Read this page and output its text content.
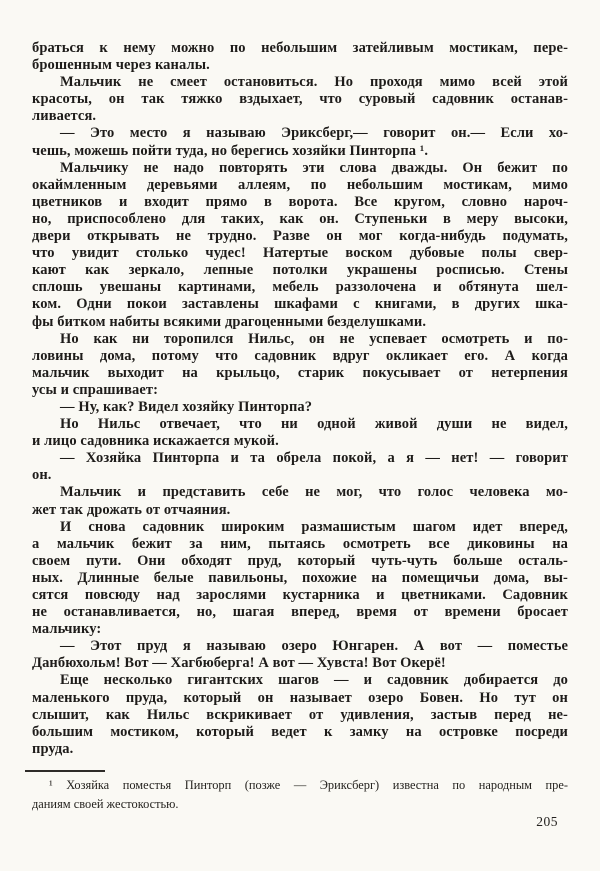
браться к нему можно по небольшим затейливым мостикам, пере-
брошенным через каналы.
Мальчик не смеет остановиться. Но проходя мимо всей этой
красоты, он так тяжко вздыхает, что суровый садовник останав-
ливается.
— Это место я называю Эриксберг,— говорит он.— Если хо-
чешь, можешь пойти туда, но берегись хозяйки Пинторпа ¹.
Мальчику не надо повторять эти слова дважды. Он бежит по
окаймленным деревьями аллеям, по небольшим мостикам, мимо
цветников и входит прямо в ворота. Все кругом, словно нароч-
но, приспособлено для таких, как он. Ступеньки в меру высоки,
двери открывать не трудно. Разве он мог когда-нибудь подумать,
что увидит столько чудес! Натертые воском дубовые полы свер-
кают как зеркало, лепные потолки украшены росписью. Стены
сплошь увешаны картинами, мебель раззолочена и обтянута шел-
ком. Одни покои заставлены шкафами с книгами, в других шка-
фы битком набиты всякими драгоценными безделушками.
Но как ни торопился Нильс, он не успевает осмотреть и по-
ловины дома, потому что садовник вдруг окликает его. А когда
мальчик выходит на крыльцо, старик покусывает от нетерпения
усы и спрашивает:
— Ну, как? Видел хозяйку Пинторпа?
Но Нильс отвечает, что ни одной живой души не видел,
и лицо садовника искажается мукой.
— Хозяйка Пинторпа и та обрела покой, а я — нет! — говорит
он.
Мальчик и представить себе не мог, что голос человека мо-
жет так дрожать от отчаяния.
И снова садовник широким размашистым шагом идет вперед,
а мальчик бежит за ним, пытаясь осмотреть все диковины на
своем пути. Они обходят пруд, который чуть-чуть больше осталь-
ных. Длинные белые павильоны, похожие на помещичьи дома, вы-
сятся повсюду над зарослями кустарника и цветниками. Садовник
не останавливается, но, шагая вперед, время от времени бросает
мальчику:
— Этот пруд я называю озеро Юнгарен. А вот — поместье
Данбюхольм! Вот — Хагбюберга! А вот — Хувста! Вот Окерё!
Еще несколько гигантских шагов — и садовник добирается до
маленького пруда, который он называет озеро Бовен. Но тут он
слышит, как Нильс вскрикивает от удивления, застыв перед не-
большим мостиком, который ведет к замку на островке посреди
пруда.
¹ Хозяйка поместья Пинторп (позже — Эриксберг) известна по народным пре-
даниям своей жестокостью.
205
